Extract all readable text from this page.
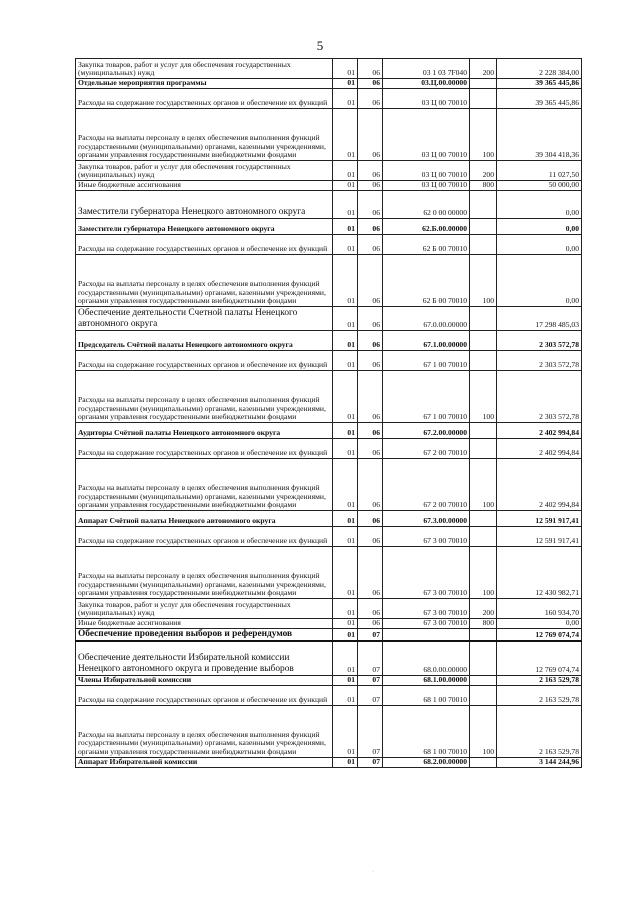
5
Закупка товаров, работ и услуг для обеспечения государственных (муниципальных) нужд	01	06	03 1 03 7F040	200	2 228 384,00
Отдельные мероприятия программы	01	06	03.Ц.00.00000		39 365 445,86
Расходы на содержание государственных органов и обеспечение их функций	01	06	03 Ц 00 70010		39 365 445,86
Расходы на выплаты персоналу в целях обеспечения выполнения функций государственными (муниципальными) органами, казенными учреждениями, органами управления государственными внебюджетными фондами	01	06	03 Ц 00 70010	100	39 304 418,36
Закупка товаров, работ и услуг для обеспечения государственных (муниципальных) нужд	01	06	03 Ц 00 70010	200	11 027,50
Иные бюджетные ассигнования	01	06	03 Ц 00 70010	800	50 000,00
Заместители губернатора Ненецкого автономного округа	01	06	62 0 00 00000		0,00
Заместители губернатора Ненецкого автономного округа	01	06	62.Б.00.00000		0,00
Расходы на содержание государственных органов и обеспечение их функций	01	06	62 Б 00 70010		0,00
Расходы на выплаты персоналу в целях обеспечения выполнения функций государственными (муниципальными) органами, казенными учреждениями, органами управления государственными внебюджетными фондами	01	06	62 Б 00 70010	100	0,00
Обеспечение деятельности Счетной палаты Ненецкого автономного округа	01	06	67.0.00.00000		17 298 485,03
Председатель Счётной палаты Ненецкого автономного округа	01	06	67.1.00.00000		2 303 572,78
Расходы на содержание государственных органов и обеспечение их функций	01	06	67 1 00 70010		2 303 572,78
Расходы на выплаты персоналу в целях обеспечения выполнения функций государственными (муниципальными) органами, казенными учреждениями, органами управления государственными внебюджетными фондами	01	06	67 1 00 70010	100	2 303 572,78
Аудиторы Счётной палаты Ненецкого автономного округа	01	06	67.2.00.00000		2 402 994,84
Расходы на содержание государственных органов и обеспечение их функций	01	06	67 2 00 70010		2 402 994,84
Расходы на выплаты персоналу в целях обеспечения выполнения функций государственными (муниципальными) органами, казенными учреждениями, органами управления государственными внебюджетными фондами	01	06	67 2 00 70010	100	2 402 994,84
Аппарат Счётной палаты Ненецкого автономного округа	01	06	67.3.00.00000		12 591 917,41
Расходы на содержание государственных органов и обеспечение их функций	01	06	67 3 00 70010		12 591 917,41
Расходы на выплаты персоналу в целях обеспечения выполнения функций государственными (муниципальными) органами, казенными учреждениями, органами управления государственными внебюджетными фондами	01	06	67 3 00 70010	100	12 430 982,71
Закупка товаров, работ и услуг для обеспечения государственных (муниципальных) нужд	01	06	67 3 00 70010	200	160 934,70
Иные бюджетные ассигнования	01	06	67 3 00 70010	800	0,00
Обеспечение проведения выборов и референдумов	01	07			12 769 074,74
Обеспечение деятельности Избирательной комиссии Ненецкого автономного округа и проведение выборов	01	07	68.0.00.00000		12 769 074,74
Члены Избирательной комиссии	01	07	68.1.00.00000		2 163 529,78
Расходы на содержание государственных органов и обеспечение их функций	01	07	68 1 00 70010		2 163 529,78
Расходы на выплаты персоналу в целях обеспечения выполнения функций государственными (муниципальными) органами, казенными учреждениями, органами управления государственными внебюджетными фондами	01	07	68 1 00 70010	100	2 163 529,78
Аппарат Избирательной комиссии	01	07	68.2.00.00000		3 144 244,96
·
